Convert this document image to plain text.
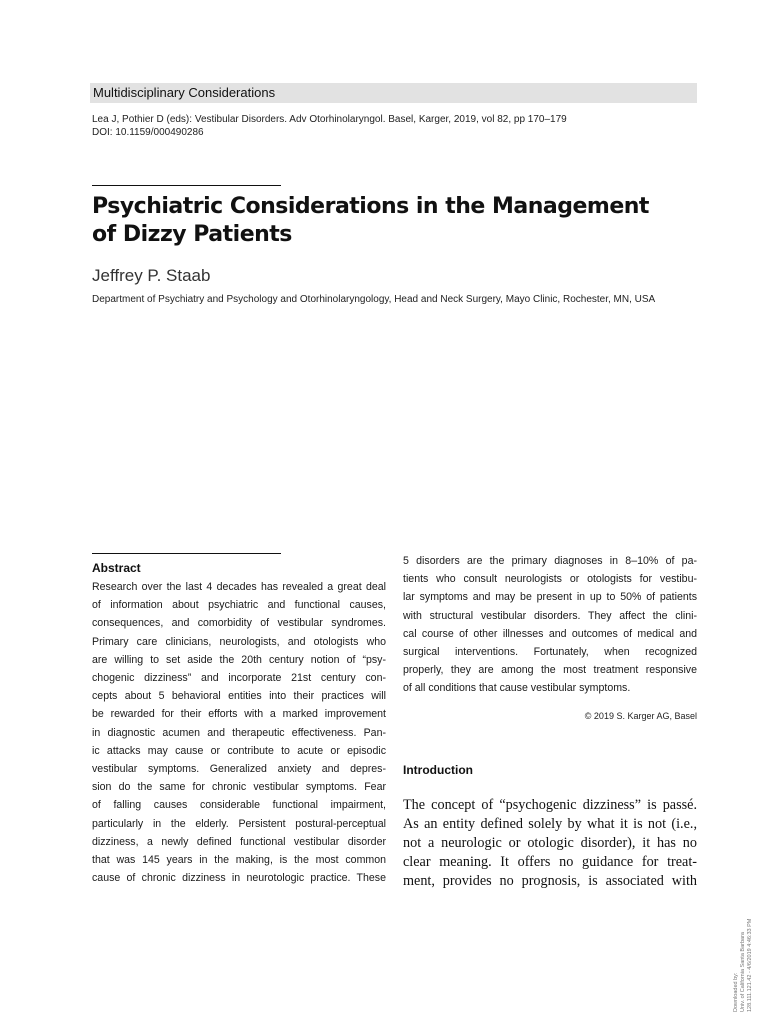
Multidisciplinary Considerations
Lea J, Pothier D (eds): Vestibular Disorders. Adv Otorhinolaryngol. Basel, Karger, 2019, vol 82, pp 170–179
DOI: 10.1159/000490286
Psychiatric Considerations in the Management
of Dizzy Patients
Jeffrey P. Staab
Department of Psychiatry and Psychology and Otorhinolaryngology, Head and Neck Surgery, Mayo Clinic, Rochester, MN, USA
Abstract
Research over the last 4 decades has revealed a great deal
of information about psychiatric and functional causes,
consequences, and comorbidity of vestibular syndromes.
Primary care clinicians, neurologists, and otologists who
are willing to set aside the 20th century notion of “psy-
chogenic dizziness” and incorporate 21st century con-
cepts about 5 behavioral entities into their practices will
be rewarded for their efforts with a marked improvement
in diagnostic acumen and therapeutic effectiveness. Pan-
ic attacks may cause or contribute to acute or episodic
vestibular symptoms. Generalized anxiety and depres-
sion do the same for chronic vestibular symptoms. Fear
of falling causes considerable functional impairment,
particularly in the elderly. Persistent postural-perceptual
dizziness, a newly defined functional vestibular disorder
that was 145 years in the making, is the most common
cause of chronic dizziness in neurotologic practice. These
5 disorders are the primary diagnoses in 8–10% of pa-
tients who consult neurologists or otologists for vestibu-
lar symptoms and may be present in up to 50% of patients
with structural vestibular disorders. They affect the clini-
cal course of other illnesses and outcomes of medical and
surgical interventions. Fortunately, when recognized
properly, they are among the most treatment responsive
of all conditions that cause vestibular symptoms.
© 2019 S. Karger AG, Basel
Introduction
The concept of “psychogenic dizziness” is passé.
As an entity defined solely by what it is not (i.e.,
not a neurologic or otologic disorder), it has no
clear meaning. It offers no guidance for treat-
ment, provides no prognosis, is associated with
Downloaded by: Univ. of California Santa Barbara 128.111.121.42 - 4/6/2019 4:46:33 PM
